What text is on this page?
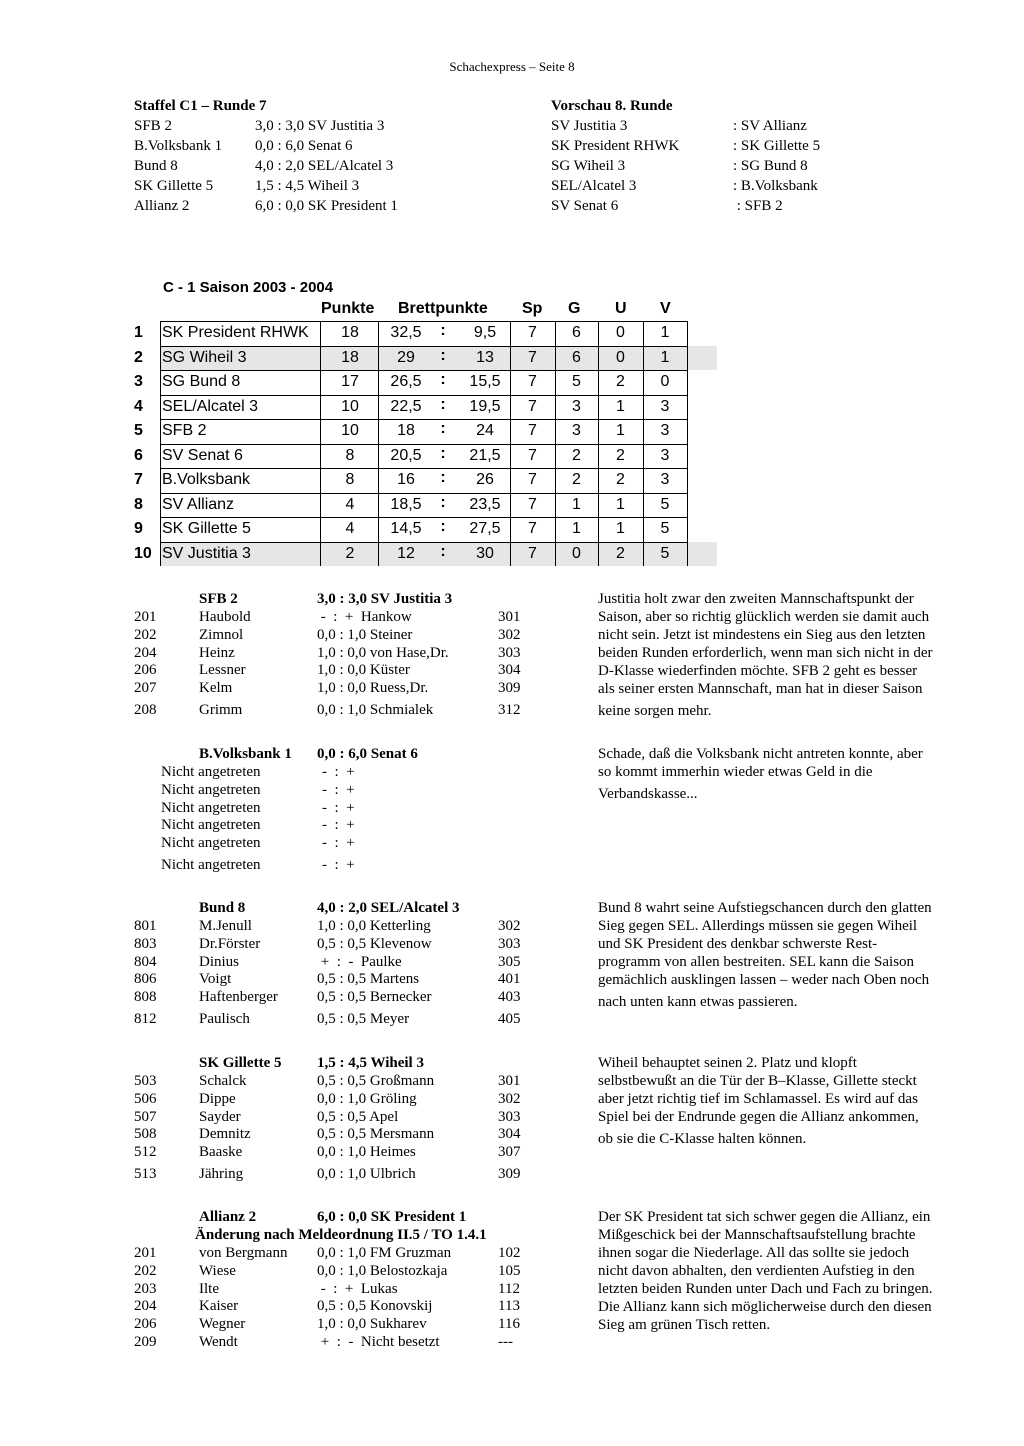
Schachexpress – Seite 8
Staffel C1 – Runde 7
SFB 2	3,0 : 3,0 SV Justitia 3
B.Volksbank 1 0,0 : 6,0 Senat 6
Bund 8	4,0 : 2,0 SEL/Alcatel 3
SK Gillette 5	1,5 : 4,5 Wiheil 3
Allianz 2	6,0 : 0,0 SK President 1
Vorschau 8. Runde
SV Justitia 3	: SV Allianz
SK President RHWK	: SK Gillette 5
SG Wiheil 3	: SG Bund 8
SEL/Alcatel 3	: B.Volksbank
SV Senat 6	: SFB 2
C - 1 Saison 2003 - 2004
Punkte Brettpunkte Sp G U V
1 SK President RHWK	18	32,5	9,5	7	6	0	1
:
2 SG Wiheil 3	18	29	13	7	6	0	1
:
3 SG Bund 8	17	26,5	15,5	7	5	2	0
:
4 SEL/Alcatel 3	10	22,5	19,5	7	3	1	3
:
5 SFB 2	10	18	24	7	3	1	3
:
6 SV Senat 6	8	20,5	21,5	7	2	2	3
:
7 B.Volksbank	8	16	26	7	2	2	3
:
8 SV Allianz	4	18,5	23,5	7	1	1	5
:
9 SK Gillette 5	4	14,5	27,5	7	1	1	5
:
10 SV Justitia 3	2	12	30	7	0	2	5
:
SFB 2	3,0 : 3,0 SV Justitia 3
201	Haubold	-  :  +  Hankow	301
202	Zimnol	0,0 : 1,0 Steiner	302
204	Heinz	1,0 : 0,0 von Hase,Dr.	303
206	Lessner	1,0 : 0,0 Küster	304
207	Kelm	1,0 : 0,0 Ruess,Dr.	309
208	Grimm	0,0 : 1,0 Schmialek	312
Justitia holt zwar den zweiten Mannschaftspunkt der
Saison, aber so richtig glücklich werden sie damit auch
nicht sein. Jetzt ist mindestens ein Sieg aus den letzten
beiden Runden erforderlich, wenn man sich nicht in der
D-Klasse wiederfinden möchte. SFB 2 geht es besser
als seiner ersten Mannschaft, man hat in dieser Saison
keine sorgen mehr.
B.Volksbank 1 0,0 : 6,0 Senat 6
Nicht angetreten	-  :  +
Nicht angetreten	-  :  +
Nicht angetreten	-  :  +
Nicht angetreten	-  :  +
Nicht angetreten	-  :  +
Nicht angetreten	-  :  +
Schade, daß die Volksbank nicht antreten konnte, aber
so kommt immerhin wieder etwas Geld in die
Verbandskasse...
Bund 8	4,0 : 2,0 SEL/Alcatel 3
801	M.Jenull	1,0 : 0,0 Ketterling	302
803	Dr.Förster	0,5 : 0,5 Klevenow	303
804	Dinius	+  :  -  Paulke	305
806	Voigt	0,5 : 0,5 Martens	401
808	Haftenberger	0,5 : 0,5 Bernecker	403
812	Paulisch	0,5 : 0,5 Meyer	405
Bund 8 wahrt seine Aufstiegschancen durch den glatten
Sieg gegen SEL. Allerdings müssen sie gegen Wiheil
und SK President des denkbar schwerste Rest-
programm von allen bestreiten. SEL kann die Saison
gemächlich ausklingen lassen – weder nach Oben noch
nach unten kann etwas passieren.
SK Gillette 5 1,5 : 4,5 Wiheil 3
503	Schalck	0,5 : 0,5 Großmann	301
506	Dippe	0,0 : 1,0 Gröling	302
507	Sayder	0,5 : 0,5 Apel	303
508	Demnitz	0,5 : 0,5 Mersmann	304
512	Baaske	0,0 : 1,0 Heimes	307
513	Jähring	0,0 : 1,0 Ulbrich	309
Wiheil behauptet seinen 2. Platz und klopft
selbstbewußt an die Tür der B–Klasse, Gillette steckt
aber jetzt richtig tief im Schlamassel. Es wird auf das
Spiel bei der Endrunde gegen die Allianz ankommen,
ob sie die C-Klasse halten können.
Allianz 2	6,0 : 0,0 SK President 1
Änderung nach Meldeordnung II.5 / TO 1.4.1
201	von Bergmann 0,0 : 1,0 FM Gruzman	102
202	Wiese	0,0 : 1,0 Belostozkaja	105
203	Ilte	-  :  +  Lukas	112
204	Kaiser	0,5 : 0,5 Konovskij	113
206	Wegner	1,0 : 0,0 Sukharev	116
209	Wendt	+  :  -  Nicht besetzt	---
Der SK President tat sich schwer gegen die Allianz, ein
Mißgeschick bei der Mannschaftsaufstellung brachte
ihnen sogar die Niederlage. All das sollte sie jedoch
nicht davon abhalten, den verdienten Aufstieg in den
letzten beiden Runden unter Dach und Fach zu bringen.
Die Allianz kann sich möglicherweise durch den diesen
Sieg am grünen Tisch retten.
